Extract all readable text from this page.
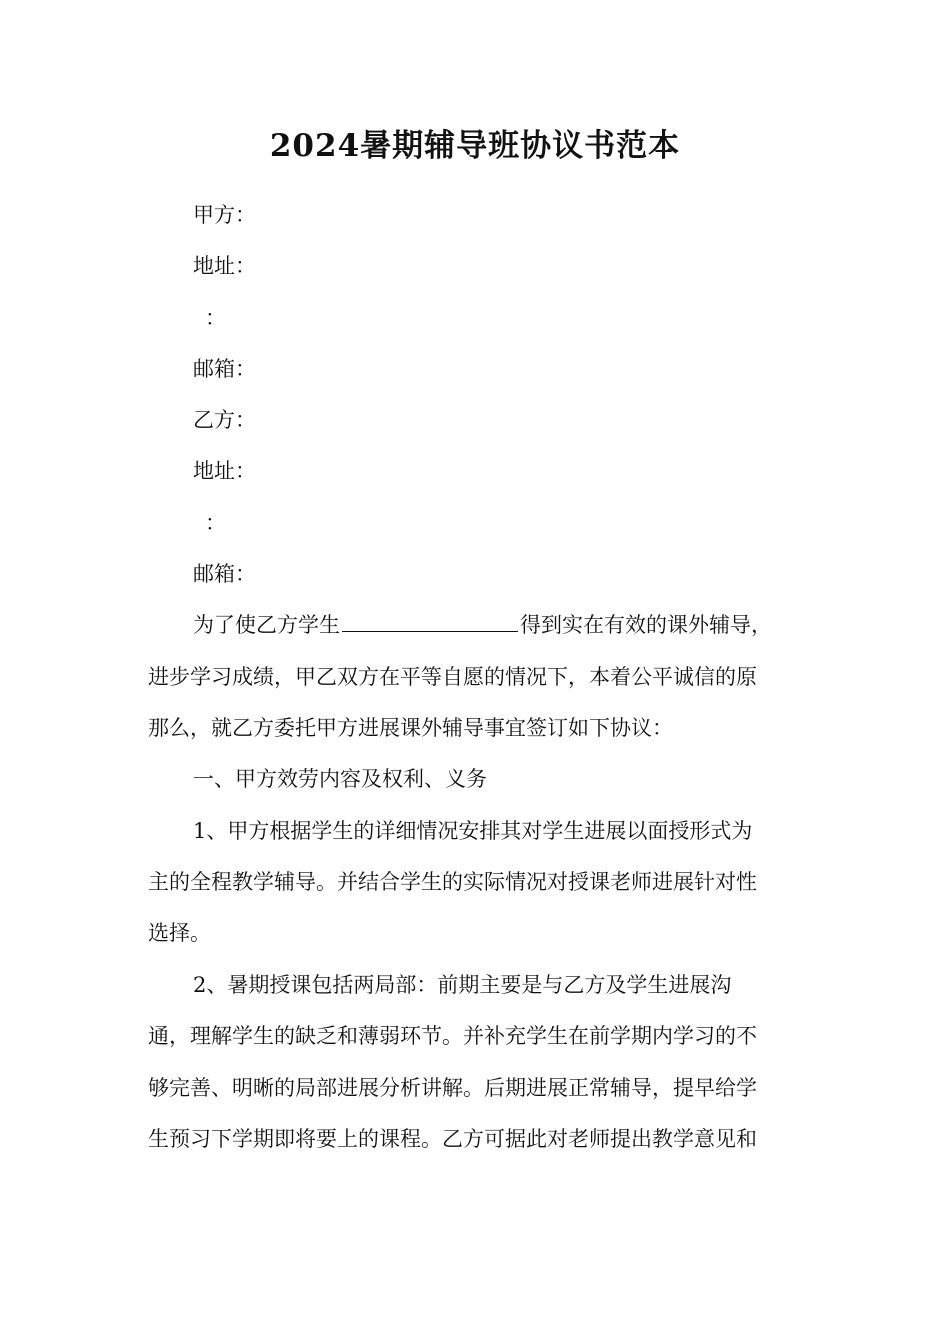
2024暑期辅导班协议书范本
甲方：
地址：
：
邮箱：
乙方：
地址：
：
邮箱：
为了使乙方学生	得到实在有效的课外辅导，
进步学习成绩，甲乙双方在平等自愿的情况下，本着公平诚信的原
那么，就乙方委托甲方进展课外辅导事宜签订如下协议：
一、甲方效劳内容及权利、义务
1、甲方根据学生的详细情况安排其对学生进展以面授形式为
主的全程教学辅导。并结合学生的实际情况对授课老师进展针对性
选择。
2、暑期授课包括两局部：前期主要是与乙方及学生进展沟
通，理解学生的缺乏和薄弱环节。并补充学生在前学期内学习的不
够完善、明晰的局部进展分析讲解。后期进展正常辅导，提早给学
生预习下学期即将要上的课程。乙方可据此对老师提出教学意见和
